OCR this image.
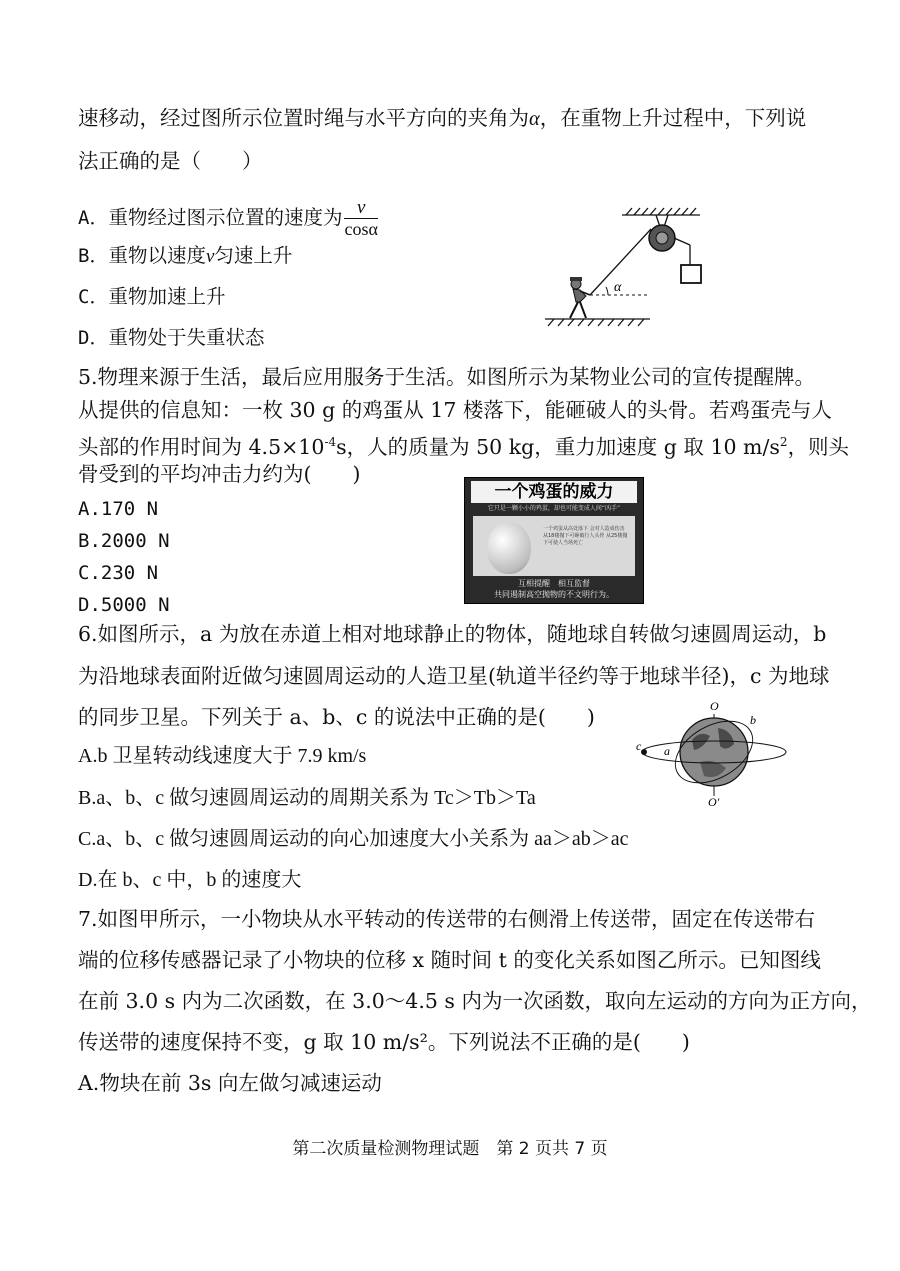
速移动，经过图所示位置时绳与水平方向的夹角为α，在重物上升过程中，下列说
法正确的是（　　）
A．重物经过图示位置的速度为 $\frac{v}{\cos\alpha}$
B．重物以速度v匀速上升
C．重物加速上升
D．重物处于失重状态
α
5.物理来源于生活，最后应用服务于生活。如图所示为某物业公司的宣传提醒牌。
从提供的信息知：一枚 30 g 的鸡蛋从 17 楼落下，能砸破人的头骨。若鸡蛋壳与人
头部的作用时间为 $4.5\times 10^{-4}s$，人的质量为 50 kg，重力加速度 g 取 10 $m/s^2$，则头
骨受到的平均冲击力约为(　　)
A.170 N
B.2000 N
C.230 N
D.5000 N
一个鸡蛋的威力
它只是一颗小小的鸡蛋，却也可能变成人间“凶手”
一个鸡蛋从高处落下 会对人造成伤害 从18楼抛下可砸破行人头骨 从25楼抛下可使人当场死亡
互相提醒　相互监督
共同遏制高空抛物的不文明行为。
6.如图所示，a 为放在赤道上相对地球静止的物体，随地球自转做匀速圆周运动，b
为沿地球表面附近做匀速圆周运动的人造卫星(轨道半径约等于地球半径)，c 为地球
的同步卫星。下列关于 a、b、c 的说法中正确的是(　　)
A.b 卫星转动线速度大于 7.9 km/s
B.a、b、c 做匀速圆周运动的周期关系为 Tc＞Tb＞Ta
C.a、b、c 做匀速圆周运动的向心加速度大小关系为 aa＞ab＞ac
D.在 b、c 中，b 的速度大
O
O′
b
c a
7.如图甲所示，一小物块从水平转动的传送带的右侧滑上传送带，固定在传送带右
端的位移传感器记录了小物块的位移 x 随时间 t 的变化关系如图乙所示。已知图线
在前 3.0 s 内为二次函数，在 3.0～4.5 s 内为一次函数，取向左运动的方向为正方向，
传送带的速度保持不变，g 取 10 m/s²。下列说法不正确的是(　　)
A.物块在前 3s 向左做匀减速运动
第二次质量检测物理试题　第 2 页共 7 页
